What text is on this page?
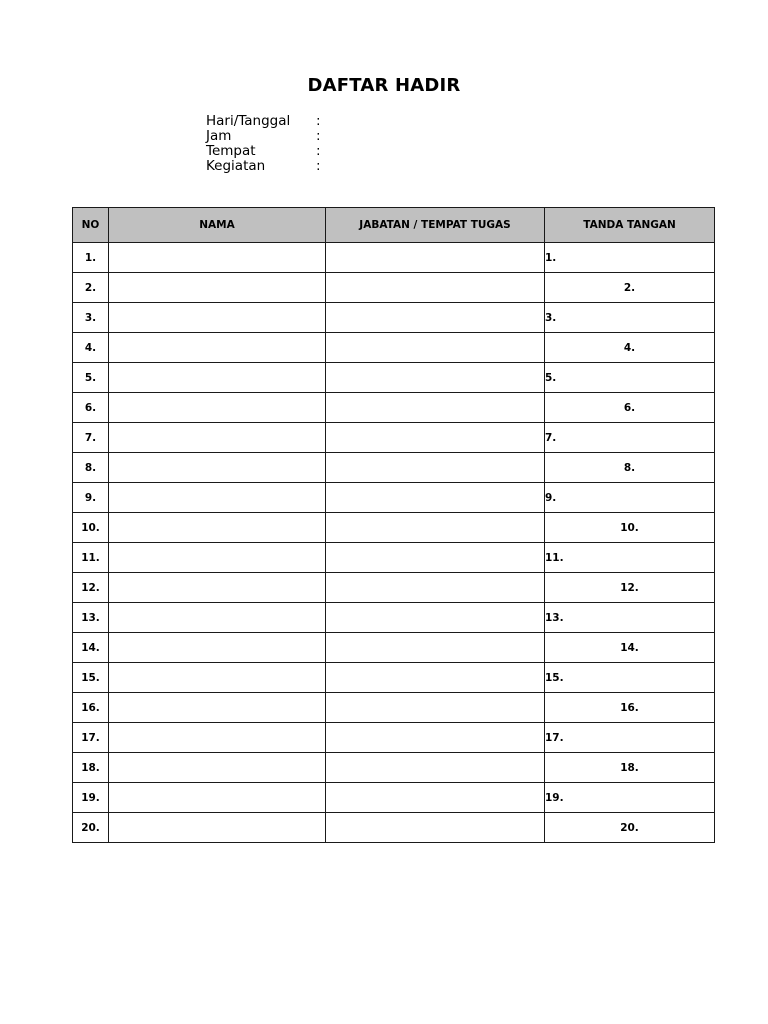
DAFTAR HADIR
Hari/Tanggal	:
Jam	:
Tempat	:
Kegiatan	:
NO	NAMA	JABATAN / TEMPAT TUGAS	TANDA TANGAN
1.			1.
2.			2.
3.			3.
4.			4.
5.			5.
6.			6.
7.			7.
8.			8.
9.			9.
10.			10.
11.			11.
12.			12.
13.			13.
14.			14.
15.			15.
16.			16.
17.			17.
18.			18.
19.			19.
20.			20.
